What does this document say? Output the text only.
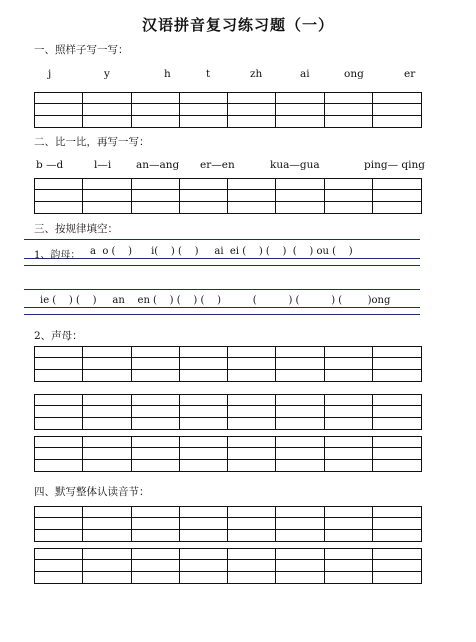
汉语拼音复习练习题（一）
一、照样子写一写：
j	y	h	t	zh	ai	ong	er
二、比一比，再写一写：
b —d	l—i an—ang er—en	kua—gua	ping— qing
三、按规律填空：
1、韵母： a  o (    )      i(    ) (    )     ai  ei (    ) (    )  (    ) ou (    )
ie (    ) (    )     an    en (    ) (    ) (    )          (          ) (          ) (        )ong
2、声母：
四、默写整体认读音节：
